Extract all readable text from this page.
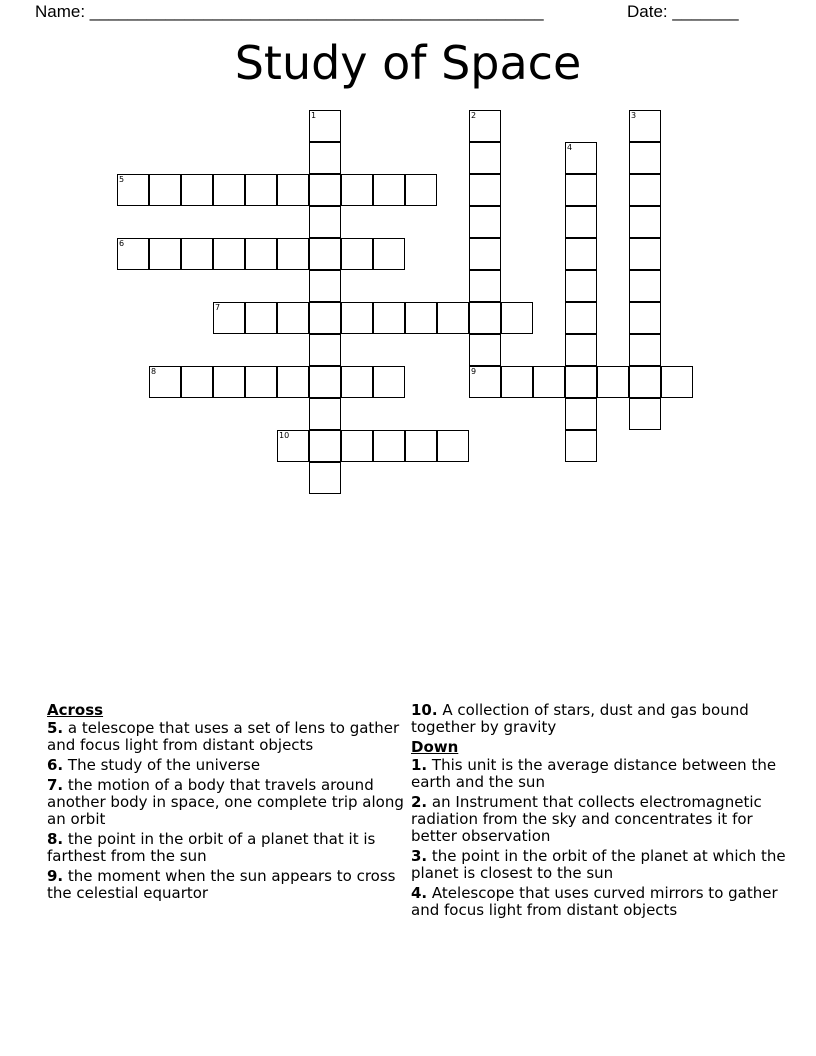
Name: ________________________________________________	Date: _______
Study of Space
1	2
9
3
4
5
6
7
8
10
Across
5. a telescope that uses a set of lens to gather and focus light from distant objects
6. The study of the universe
7. the motion of a body that travels around another body in space, one complete trip along an orbit
8. the point in the orbit of a planet that it is farthest from the sun
9. the moment when the sun appears to cross the celestial equartor
10. A collection of stars, dust and gas bound together by gravity
Down
1. This unit is the average distance between the earth and the sun
2. an Instrument that collects electromagnetic radiation from the sky and concentrates it for better observation
3. the point in the orbit of the planet at which the planet is closest to the sun
4. Atelescope that uses curved mirrors to gather and focus light from distant objects
